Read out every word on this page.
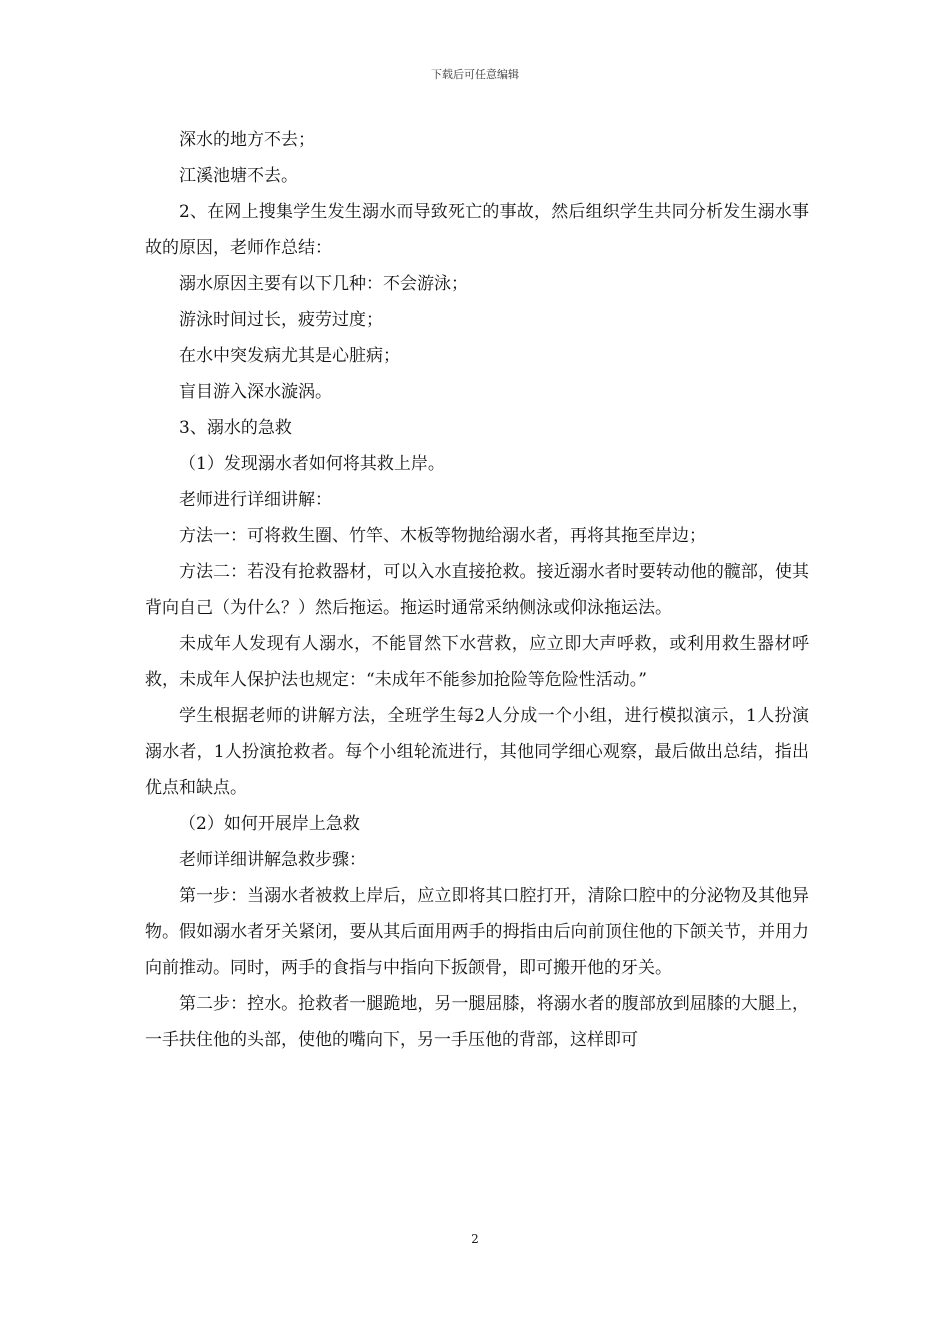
下载后可任意编辑

深水的地方不去；

江溪池塘不去。

2、在网上搜集学生发生溺水而导致死亡的事故，然后组织学生共同分析发生溺水事故的原因，老师作总结：

溺水原因主要有以下几种：不会游泳；

游泳时间过长，疲劳过度；

在水中突发病尤其是心脏病；

盲目游入深水漩涡。

3、溺水的急救

（1）发现溺水者如何将其救上岸。

老师进行详细讲解：

方法一：可将救生圈、竹竿、木板等物抛给溺水者，再将其拖至岸边；

方法二：若没有抢救器材，可以入水直接抢救。接近溺水者时要转动他的髋部，使其背向自己（为什么？）然后拖运。拖运时通常采纳侧泳或仰泳拖运法。

未成年人发现有人溺水，不能冒然下水营救，应立即大声呼救，或利用救生器材呼救，未成年人保护法也规定：“未成年不能参加抢险等危险性活动。”

学生根据老师的讲解方法，全班学生每2人分成一个小组，进行模拟演示，1人扮演溺水者，1人扮演抢救者。每个小组轮流进行，其他同学细心观察，最后做出总结，指出优点和缺点。

（2）如何开展岸上急救

老师详细讲解急救步骤：

第一步：当溺水者被救上岸后，应立即将其口腔打开，清除口腔中的分泌物及其他异物。假如溺水者牙关紧闭，要从其后面用两手的拇指由后向前顶住他的下颌关节，并用力向前推动。同时，两手的食指与中指向下扳颌骨，即可搬开他的牙关。

第二步：控水。抢救者一腿跪地，另一腿屈膝，将溺水者的腹部放到屈膝的大腿上，一手扶住他的头部，使他的嘴向下，另一手压他的背部，这样即可

2
